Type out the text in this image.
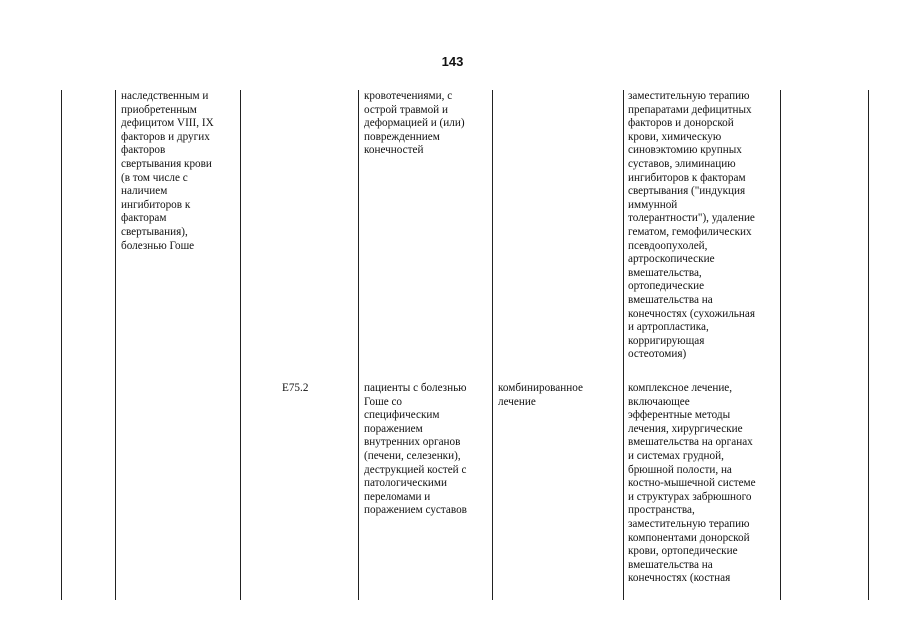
143
наследственным и
приобретенным
дефицитом VIII, IX
факторов и других
факторов
свертывания крови
(в том числе с
наличием
ингибиторов к
факторам
свертывания),
болезнью Гоше
кровотечениями, с
острой травмой и
деформацией и (или)
поврежденнием
конечностей
заместительную терапию
препаратами дефицитных
факторов и донорской
крови, химическую
синовэктомию крупных
суставов, элиминацию
ингибиторов к факторам
свертывания ("индукция
иммунной
толерантности"), удаление
гематом, гемофилических
псевдоопухолей,
артроскопические
вмешательства,
ортопедические
вмешательства на
конечностях (сухожильная
и артропластика,
корригирующая
остеотомия)
E75.2	пациенты с болезнью
Гоше со
специфическим
поражением
внутренних органов
(печени, селезенки),
деструкцией костей с
патологическими
переломами и
поражением суставов
комбинированное
лечение
комплексное лечение,
включающее
эфферентные методы
лечения, хирургические
вмешательства на органах
и системах грудной,
брюшной полости, на
костно-мышечной системе
и структурах забрюшного
пространства,
заместительную терапию
компонентами донорской
крови, ортопедические
вмешательства на
конечностях (костная
